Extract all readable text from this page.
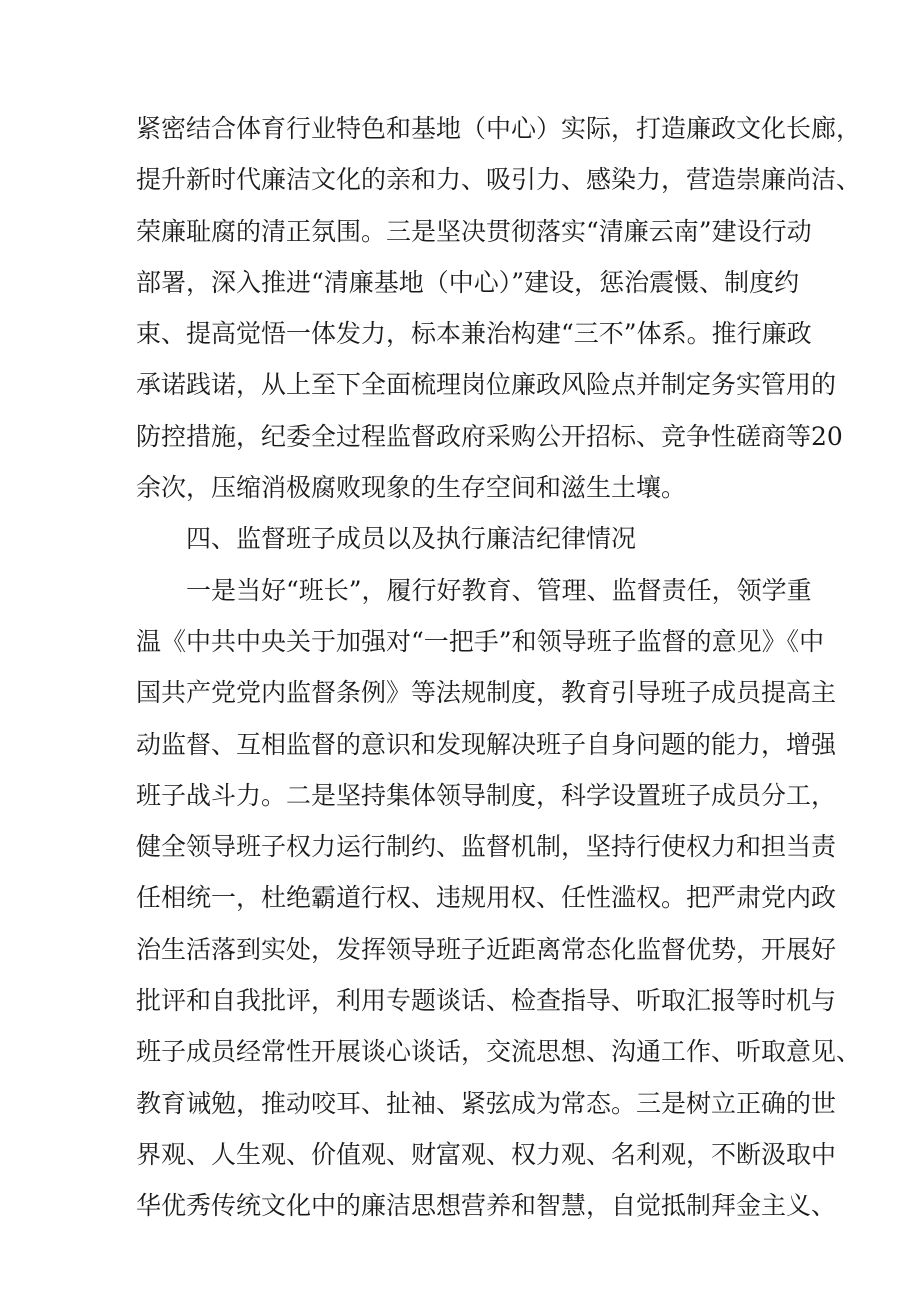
紧密结合体育行业特色和基地（中心）实际，打造廉政文化长廊，
提升新时代廉洁文化的亲和力、吸引力、感染力，营造崇廉尚洁、
荣廉耻腐的清正氛围。三是坚决贯彻落实“清廉云南”建设行动
部署，深入推进“清廉基地（中心）”建设，惩治震慑、制度约
束、提高觉悟一体发力，标本兼治构建“三不”体系。推行廉政
承诺践诺，从上至下全面梳理岗位廉政风险点并制定务实管用的
防控措施，纪委全过程监督政府采购公开招标、竞争性磋商等20
余次，压缩消极腐败现象的生存空间和滋生土壤。
四、监督班子成员以及执行廉洁纪律情况
一是当好“班长”，履行好教育、管理、监督责任，领学重
温《中共中央关于加强对“一把手”和领导班子监督的意见》《中
国共产党党内监督条例》等法规制度，教育引导班子成员提高主
动监督、互相监督的意识和发现解决班子自身问题的能力，增强
班子战斗力。二是坚持集体领导制度，科学设置班子成员分工，
健全领导班子权力运行制约、监督机制，坚持行使权力和担当责
任相统一，杜绝霸道行权、违规用权、任性滥权。把严肃党内政
治生活落到实处，发挥领导班子近距离常态化监督优势，开展好
批评和自我批评，利用专题谈话、检查指导、听取汇报等时机与
班子成员经常性开展谈心谈话，交流思想、沟通工作、听取意见、
教育诫勉，推动咬耳、扯袖、紧弦成为常态。三是树立正确的世
界观、人生观、价值观、财富观、权力观、名利观，不断汲取中
华优秀传统文化中的廉洁思想营养和智慧，自觉抵制拜金主义、
